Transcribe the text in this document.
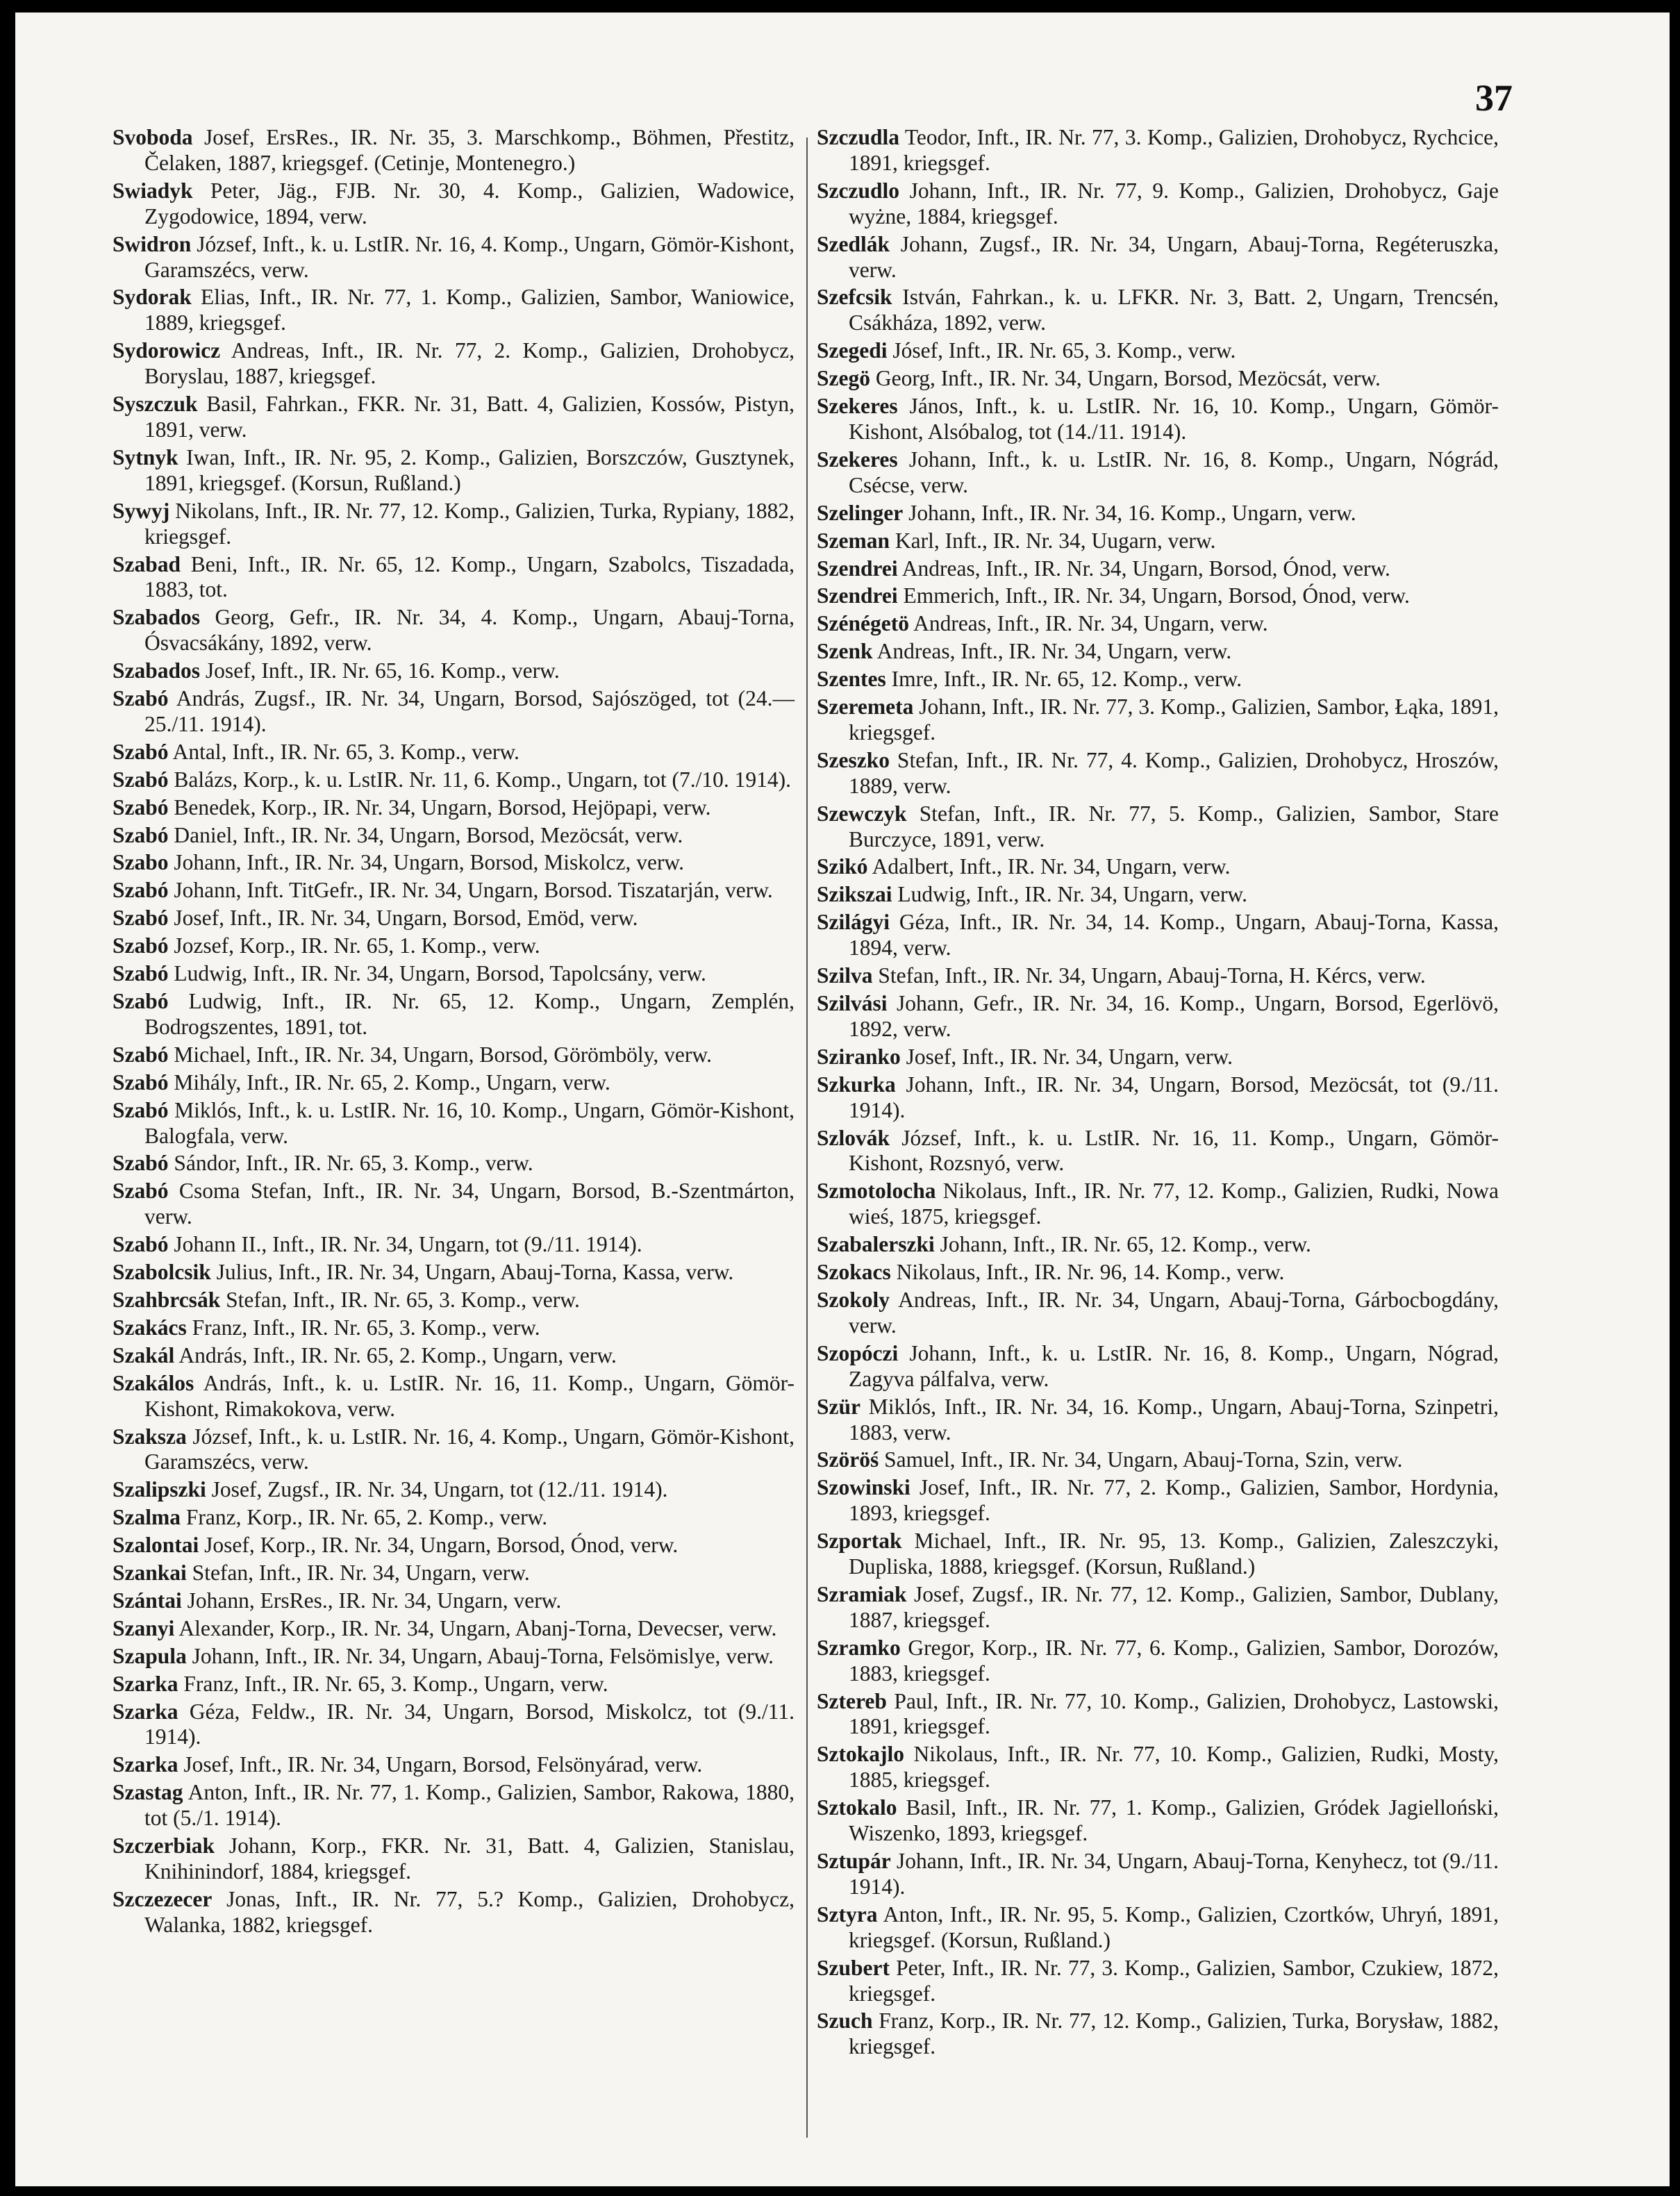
37

Svoboda Josef, ErsRes., IR. Nr. 35, 3. Marschkomp., Böhmen, Přestitz, Čelaken, 1887, kriegsgef. (Cetinje, Montenegro.)

Swiadyk Peter, Jäg., FJB. Nr. 30, 4. Komp., Galizien, Wadowice, Zygodowice, 1894, verw.

Swidron József, Inft., k. u. LstIR. Nr. 16, 4. Komp., Ungarn, Gömör-Kishont, Garamszécs, verw.

Sydorak Elias, Inft., IR. Nr. 77, 1. Komp., Galizien, Sambor, Waniowice, 1889, kriegsgef.

Sydorowicz Andreas, Inft., IR. Nr. 77, 2. Komp., Galizien, Drohobycz, Boryslau, 1887, kriegsgef.

Syszczuk Basil, Fahrkan., FKR. Nr. 31, Batt. 4, Galizien, Kossów, Pistyn, 1891, verw.

Sytnyk Iwan, Inft., IR. Nr. 95, 2. Komp., Galizien, Borszczów, Gusztynek, 1891, kriegsgef. (Korsun, Rußland.)

Sywyj Nikolans, Inft., IR. Nr. 77, 12. Komp., Galizien, Turka, Rypiany, 1882, kriegsgef.

Szabad Beni, Inft., IR. Nr. 65, 12. Komp., Ungarn, Szabolcs, Tiszadada, 1883, tot.

Szabados Georg, Gefr., IR. Nr. 34, 4. Komp., Ungarn, Abauj-Torna, Ósvacsákány, 1892, verw.

Szabados Josef, Inft., IR. Nr. 65, 16. Komp., verw.

Szabó András, Zugsf., IR. Nr. 34, Ungarn, Borsod, Sajószöged, tot (24.—25./11. 1914).

Szabó Antal, Inft., IR. Nr. 65, 3. Komp., verw.

Szabó Balázs, Korp., k. u. LstIR. Nr. 11, 6. Komp., Ungarn, tot (7./10. 1914).

Szabó Benedek, Korp., IR. Nr. 34, Ungarn, Borsod, Hejöpapi, verw.

Szabó Daniel, Inft., IR. Nr. 34, Ungarn, Borsod, Mezöcsát, verw.

Szabo Johann, Inft., IR. Nr. 34, Ungarn, Borsod, Miskolcz, verw.

Szabó Johann, Inft. TitGefr., IR. Nr. 34, Ungarn, Borsod. Tiszatarján, verw.

Szabó Josef, Inft., IR. Nr. 34, Ungarn, Borsod, Emöd, verw.

Szabó Jozsef, Korp., IR. Nr. 65, 1. Komp., verw.

Szabó Ludwig, Inft., IR. Nr. 34, Ungarn, Borsod, Tapolcsány, verw.

Szabó Ludwig, Inft., IR. Nr. 65, 12. Komp., Ungarn, Zemplén, Bodrogszentes, 1891, tot.

Szabó Michael, Inft., IR. Nr. 34, Ungarn, Borsod, Görömböly, verw.

Szabó Mihály, Inft., IR. Nr. 65, 2. Komp., Ungarn, verw.

Szabó Miklós, Inft., k. u. LstIR. Nr. 16, 10. Komp., Ungarn, Gömör-Kishont, Balogfala, verw.

Szabó Sándor, Inft., IR. Nr. 65, 3. Komp., verw.

Szabó Csoma Stefan, Inft., IR. Nr. 34, Ungarn, Borsod, B.-Szentmárton, verw.

Szabó Johann II., Inft., IR. Nr. 34, Ungarn, tot (9./11. 1914).

Szabolcsik Julius, Inft., IR. Nr. 34, Ungarn, Abauj-Torna, Kassa, verw.

Szahbrcsák Stefan, Inft., IR. Nr. 65, 3. Komp., verw.

Szakács Franz, Inft., IR. Nr. 65, 3. Komp., verw.

Szakál András, Inft., IR. Nr. 65, 2. Komp., Ungarn, verw.

Szakálos András, Inft., k. u. LstIR. Nr. 16, 11. Komp., Ungarn, Gömör-Kishont, Rimakokova, verw.

Szaksza József, Inft., k. u. LstIR. Nr. 16, 4. Komp., Ungarn, Gömör-Kishont, Garamszécs, verw.

Szalipszki Josef, Zugsf., IR. Nr. 34, Ungarn, tot (12./11. 1914).

Szalma Franz, Korp., IR. Nr. 65, 2. Komp., verw.

Szalontai Josef, Korp., IR. Nr. 34, Ungarn, Borsod, Ónod, verw.

Szankai Stefan, Inft., IR. Nr. 34, Ungarn, verw.

Szántai Johann, ErsRes., IR. Nr. 34, Ungarn, verw.

Szanyi Alexander, Korp., IR. Nr. 34, Ungarn, Abanj-Torna, Devecser, verw.

Szapula Johann, Inft., IR. Nr. 34, Ungarn, Abauj-Torna, Felsömislye, verw.

Szarka Franz, Inft., IR. Nr. 65, 3. Komp., Ungarn, verw.

Szarka Géza, Feldw., IR. Nr. 34, Ungarn, Borsod, Miskolcz, tot (9./11. 1914).

Szarka Josef, Inft., IR. Nr. 34, Ungarn, Borsod, Felsönyárad, verw.

Szastag Anton, Inft., IR. Nr. 77, 1. Komp., Galizien, Sambor, Rakowa, 1880, tot (5./1. 1914).

Szczerbiak Johann, Korp., FKR. Nr. 31, Batt. 4, Galizien, Stanislau, Knihinindorf, 1884, kriegsgef.

Szczezecer Jonas, Inft., IR. Nr. 77, 5.? Komp., Galizien, Drohobycz, Walanka, 1882, kriegsgef.

Szczudla Teodor, Inft., IR. Nr. 77, 3. Komp., Galizien, Drohobycz, Rychcice, 1891, kriegsgef.

Szczudlo Johann, Inft., IR. Nr. 77, 9. Komp., Galizien, Drohobycz, Gaje wyżne, 1884, kriegsgef.

Szedlák Johann, Zugsf., IR. Nr. 34, Ungarn, Abauj-Torna, Regéteruszka, verw.

Szefcsik István, Fahrkan., k. u. LFKR. Nr. 3, Batt. 2, Ungarn, Trencsén, Csákháza, 1892, verw.

Szegedi Jósef, Inft., IR. Nr. 65, 3. Komp., verw.

Szegö Georg, Inft., IR. Nr. 34, Ungarn, Borsod, Mezöcsát, verw.

Szekeres János, Inft., k. u. LstIR. Nr. 16, 10. Komp., Ungarn, Gömör-Kishont, Alsóbalog, tot (14./11. 1914).

Szekeres Johann, Inft., k. u. LstIR. Nr. 16, 8. Komp., Ungarn, Nógrád, Csécse, verw.

Szelinger Johann, Inft., IR. Nr. 34, 16. Komp., Ungarn, verw.

Szeman Karl, Inft., IR. Nr. 34, Uugarn, verw.

Szendrei Andreas, Inft., IR. Nr. 34, Ungarn, Borsod, Ónod, verw.

Szendrei Emmerich, Inft., IR. Nr. 34, Ungarn, Borsod, Ónod, verw.

Szénégetö Andreas, Inft., IR. Nr. 34, Ungarn, verw.

Szenk Andreas, Inft., IR. Nr. 34, Ungarn, verw.

Szentes Imre, Inft., IR. Nr. 65, 12. Komp., verw.

Szeremeta Johann, Inft., IR. Nr. 77, 3. Komp., Galizien, Sambor, Łąka, 1891, kriegsgef.

Szeszko Stefan, Inft., IR. Nr. 77, 4. Komp., Galizien, Drohobycz, Hroszów, 1889, verw.

Szewczyk Stefan, Inft., IR. Nr. 77, 5. Komp., Galizien, Sambor, Stare Burczyce, 1891, verw.

Szikó Adalbert, Inft., IR. Nr. 34, Ungarn, verw.

Szikszai Ludwig, Inft., IR. Nr. 34, Ungarn, verw.

Szilágyi Géza, Inft., IR. Nr. 34, 14. Komp., Ungarn, Abauj-Torna, Kassa, 1894, verw.

Szilva Stefan, Inft., IR. Nr. 34, Ungarn, Abauj-Torna, H. Kércs, verw.

Szilvási Johann, Gefr., IR. Nr. 34, 16. Komp., Ungarn, Borsod, Egerlövö, 1892, verw.

Sziranko Josef, Inft., IR. Nr. 34, Ungarn, verw.

Szkurka Johann, Inft., IR. Nr. 34, Ungarn, Borsod, Mezöcsát, tot (9./11. 1914).

Szlovák József, Inft., k. u. LstIR. Nr. 16, 11. Komp., Ungarn, Gömör-Kishont, Rozsnyó, verw.

Szmotolocha Nikolaus, Inft., IR. Nr. 77, 12. Komp., Galizien, Rudki, Nowa wieś, 1875, kriegsgef.

Szabalerszki Johann, Inft., IR. Nr. 65, 12. Komp., verw.

Szokacs Nikolaus, Inft., IR. Nr. 96, 14. Komp., verw.

Szokoly Andreas, Inft., IR. Nr. 34, Ungarn, Abauj-Torna, Gárbocbogdány, verw.

Szopóczi Johann, Inft., k. u. LstIR. Nr. 16, 8. Komp., Ungarn, Nógrad, Zagyva pálfalva, verw.

Szür Miklós, Inft., IR. Nr. 34, 16. Komp., Ungarn, Abauj-Torna, Szinpetri, 1883, verw.

Szöröś Samuel, Inft., IR. Nr. 34, Ungarn, Abauj-Torna, Szin, verw.

Szowinski Josef, Inft., IR. Nr. 77, 2. Komp., Galizien, Sambor, Hordynia, 1893, kriegsgef.

Szportak Michael, Inft., IR. Nr. 95, 13. Komp., Galizien, Zaleszczyki, Dupliska, 1888, kriegsgef. (Korsun, Rußland.)

Szramiak Josef, Zugsf., IR. Nr. 77, 12. Komp., Galizien, Sambor, Dublany, 1887, kriegsgef.

Szramko Gregor, Korp., IR. Nr. 77, 6. Komp., Galizien, Sambor, Dorozów, 1883, kriegsgef.

Sztereb Paul, Inft., IR. Nr. 77, 10. Komp., Galizien, Drohobycz, Lastowski, 1891, kriegsgef.

Sztokajlo Nikolaus, Inft., IR. Nr. 77, 10. Komp., Galizien, Rudki, Mosty, 1885, kriegsgef.

Sztokalo Basil, Inft., IR. Nr. 77, 1. Komp., Galizien, Gródek Jagielloński, Wiszenko, 1893, kriegsgef.

Sztupár Johann, Inft., IR. Nr. 34, Ungarn, Abauj-Torna, Kenyhecz, tot (9./11. 1914).

Sztyra Anton, Inft., IR. Nr. 95, 5. Komp., Galizien, Czortków, Uhryń, 1891, kriegsgef. (Korsun, Rußland.)

Szubert Peter, Inft., IR. Nr. 77, 3. Komp., Galizien, Sambor, Czukiew, 1872, kriegsgef.

Szuch Franz, Korp., IR. Nr. 77, 12. Komp., Galizien, Turka, Borysław, 1882, kriegsgef.
